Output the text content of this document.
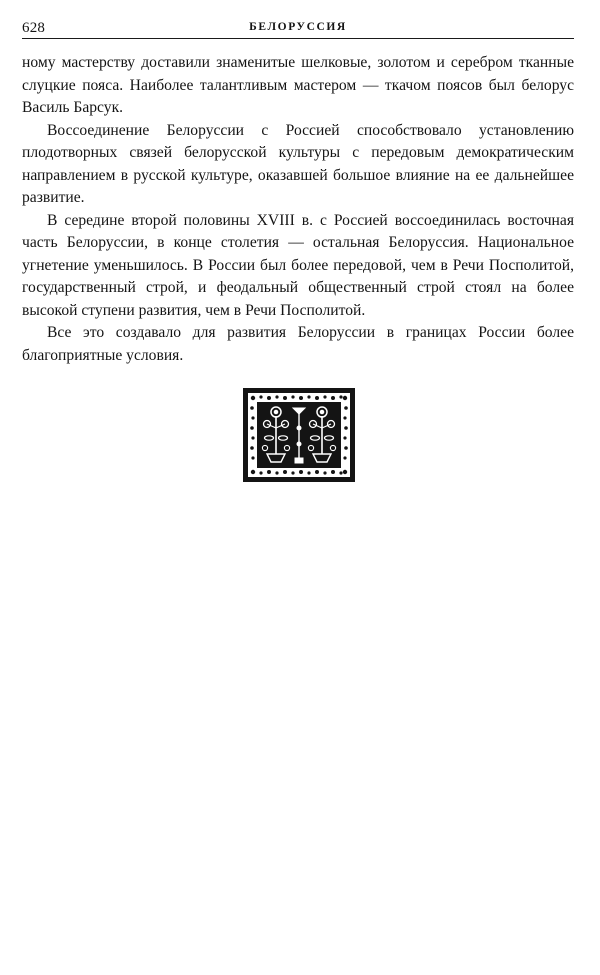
628	БЕЛОРУССИЯ

ному мастерству доставили знаменитые шелковые, золотом и серебром тканные слуцкие пояса. Наиболее талантливым мастером — ткачом поясов был белорус Василь Барсук.

Воссоединение Белоруссии с Россией способствовало установлению плодотворных связей белорусской культуры с передовым демократическим направлением в русской культуре, оказавшей большое влияние на ее дальнейшее развитие.

В середине второй половины XVIII в. с Россией воссоединилась восточная часть Белоруссии, в конце столетия — остальная Белоруссия. Национальное угнетение уменьшилось. В России был более передовой, чем в Речи Посполитой, государственный строй, и феодальный общественный строй стоял на более высокой ступени развития, чем в Речи Посполитой.

Все это создавало для развития Белоруссии в границах России более благоприятные условия.
